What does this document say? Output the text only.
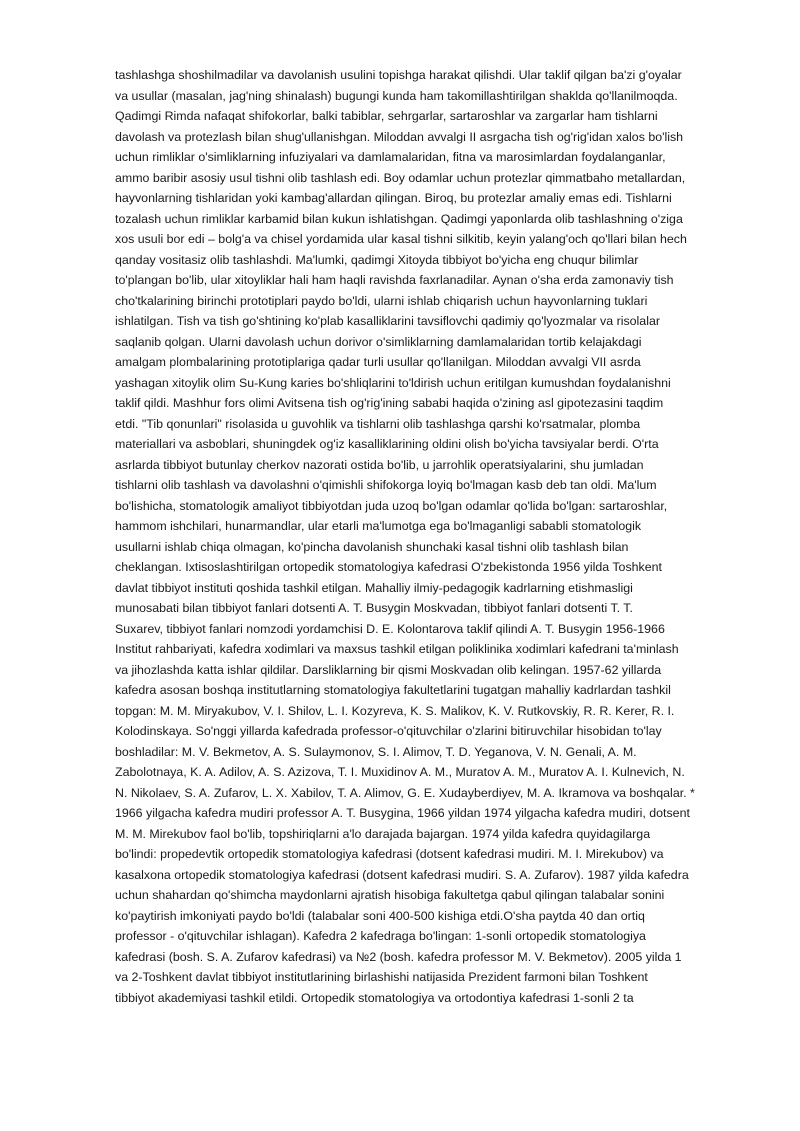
tashlashga shoshilmadilar va davolanish usulini topishga harakat qilishdi. Ular taklif qilgan ba'zi g'oyalar
va usullar (masalan, jag'ning shinalash) bugungi kunda ham takomillashtirilgan shaklda qo'llanilmoqda.
Qadimgi Rimda nafaqat shifokorlar, balki tabiblar, sehrgarlar, sartaroshlar va zargarlar ham tishlarni
davolash va protezlash bilan shug'ullanishgan. Miloddan avvalgi II asrgacha tish og'rig'idan xalos bo'lish
uchun rimliklar o'simliklarning infuziyalari va damlamalaridan, fitna va marosimlardan foydalanganlar,
ammo baribir asosiy usul tishni olib tashlash edi. Boy odamlar uchun protezlar qimmatbaho metallardan,
hayvonlarning tishlaridan yoki kambag'allardan qilingan. Biroq, bu protezlar amaliy emas edi. Tishlarni
tozalash uchun rimliklar karbamid bilan kukun ishlatishgan. Qadimgi yaponlarda olib tashlashning o'ziga
xos usuli bor edi – bolg'a va chisel yordamida ular kasal tishni silkitib, keyin yalang'och qo'llari bilan hech
qanday vositasiz olib tashlashdi. Ma'lumki, qadimgi Xitoyda tibbiyot bo'yicha eng chuqur bilimlar
to'plangan bo'lib, ular xitoyliklar hali ham haqli ravishda faxrlanadilar. Aynan o'sha erda zamonaviy tish
cho'tkalarining birinchi prototiplari paydo bo'ldi, ularni ishlab chiqarish uchun hayvonlarning tuklari
ishlatilgan. Tish va tish go'shtining ko'plab kasalliklarini tavsiflovchi qadimiy qo'lyozmalar va risolalar
saqlanib qolgan. Ularni davolash uchun dorivor o'simliklarning damlamalaridan tortib kelajakdagi
amalgam plombalarining prototiplariga qadar turli usullar qo'llanilgan. Miloddan avvalgi VII asrda
yashagan xitoylik olim Su-Kung karies bo'shliqlarini to'ldirish uchun eritilgan kumushdan foydalanishni
taklif qildi. Mashhur fors olimi Avitsena tish og'rig'ining sababi haqida o'zining asl gipotezasini taqdim
etdi. "Tib qonunlari" risolasida u guvohlik va tishlarni olib tashlashga qarshi ko'rsatmalar, plomba
materiallari va asboblari, shuningdek og'iz kasalliklarining oldini olish bo'yicha tavsiyalar berdi. O'rta
asrlarda tibbiyot butunlay cherkov nazorati ostida bo'lib, u jarrohlik operatsiyalarini, shu jumladan
tishlarni olib tashlash va davolashni o'qimishli shifokorga loyiq bo'lmagan kasb deb tan oldi. Ma'lum
bo'lishicha, stomatologik amaliyot tibbiyotdan juda uzoq bo'lgan odamlar qo'lida bo'lgan: sartaroshlar,
hammom ishchilari, hunarmandlar, ular etarli ma'lumotga ega bo'lmaganligi sababli stomatologik
usullarni ishlab chiqa olmagan, ko'pincha davolanish shunchaki kasal tishni olib tashlash bilan
cheklangan. Ixtisoslashtirilgan ortopedik stomatologiya kafedrasi O'zbekistonda 1956 yilda Toshkent
davlat tibbiyot instituti qoshida tashkil etilgan. Mahalliy ilmiy-pedagogik kadrlarning etishmasligi
munosabati bilan tibbiyot fanlari dotsenti A. T. Busygin Moskvadan, tibbiyot fanlari dotsenti T. T.
Suxarev, tibbiyot fanlari nomzodi yordamchisi D. E. Kolontarova taklif qilindi A. T. Busygin 1956-1966
Institut rahbariyati, kafedra xodimlari va maxsus tashkil etilgan poliklinika xodimlari kafedrani ta'minlash
va jihozlashda katta ishlar qildilar. Darsliklarning bir qismi Moskvadan olib kelingan. 1957-62 yillarda
kafedra asosan boshqa institutlarning stomatologiya fakultetlarini tugatgan mahalliy kadrlardan tashkil
topgan: M. M. Miryakubov, V. I. Shilov, L. I. Kozyreva, K. S. Malikov, K. V. Rutkovskiy, R. R. Kerer, R. I.
Kolodinskaya. So'nggi yillarda kafedrada professor-o'qituvchilar o'zlarini bitiruvchilar hisobidan to'lay
boshladilar: M. V. Bekmetov, A. S. Sulaymonov, S. I. Alimov, T. D. Yeganova, V. N. Genali, A. M.
Zabolotnaya, K. A. Adilov, A. S. Azizova, T. I. Muxidinov A. M., Muratov A. M., Muratov A. I. Kulnevich, N.
N. Nikolaev, S. A. Zufarov, L. X. Xabilov, T. A. Alimov, G. E. Xudayberdiyev, M. A. Ikramova va boshqalar. *
1966 yilgacha kafedra mudiri professor A. T. Busygina, 1966 yildan 1974 yilgacha kafedra mudiri, dotsent
M. M. Mirekubov faol bo'lib, topshiriqlarni a'lo darajada bajargan. 1974 yilda kafedra quyidagilarga
bo'lindi: propedevtik ortopedik stomatologiya kafedrasi (dotsent kafedrasi mudiri. M. I. Mirekubov) va
kasalxona ortopedik stomatologiya kafedrasi (dotsent kafedrasi mudiri. S. A. Zufarov). 1987 yilda kafedra
uchun shahardan qo'shimcha maydonlarni ajratish hisobiga fakultetga qabul qilingan talabalar sonini
ko'paytirish imkoniyati paydo bo'ldi (talabalar soni 400-500 kishiga etdi.O'sha paytda 40 dan ortiq
professor - o'qituvchilar ishlagan). Kafedra 2 kafedraga bo'lingan: 1-sonli ortopedik stomatologiya
kafedrasi (bosh. S. A. Zufarov kafedrasi) va №2 (bosh. kafedra professor M. V. Bekmetov). 2005 yilda 1
va 2-Toshkent davlat tibbiyot institutlarining birlashishi natijasida Prezident farmoni bilan Toshkent
tibbiyot akademiyasi tashkil etildi. Ortopedik stomatologiya va ortodontiya kafedrasi 1-sonli 2 ta
